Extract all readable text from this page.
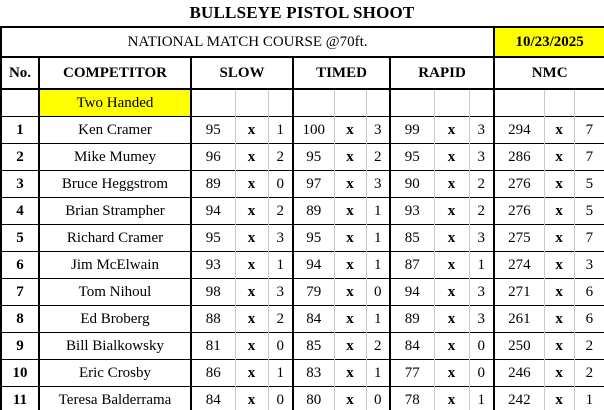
BULLSEYE PISTOL SHOOT
NATIONAL MATCH COURSE @70ft.											10/23/2025		
No.	COMPETITOR	SLOW			TIMED			RAPID			NMC		
	Two Handed												
1	Ken Cramer	95	x	1	100	x	3	99	x	3	294	x	7
2	Mike Mumey	96	x	2	95	x	2	95	x	3	286	x	7
3	Bruce Heggstrom	89	x	0	97	x	3	90	x	2	276	x	5
4	Brian Strampher	94	x	2	89	x	1	93	x	2	276	x	5
5	Richard Cramer	95	x	3	95	x	1	85	x	3	275	x	7
6	Jim McElwain	93	x	1	94	x	1	87	x	1	274	x	3
7	Tom Nihoul	98	x	3	79	x	0	94	x	3	271	x	6
8	Ed Broberg	88	x	2	84	x	1	89	x	3	261	x	6
9	Bill Bialkowsky	81	x	0	85	x	2	84	x	0	250	x	2
10	Eric Crosby	86	x	1	83	x	1	77	x	0	246	x	2
11	Teresa Balderrama	84	x	0	80	x	0	78	x	1	242	x	1
